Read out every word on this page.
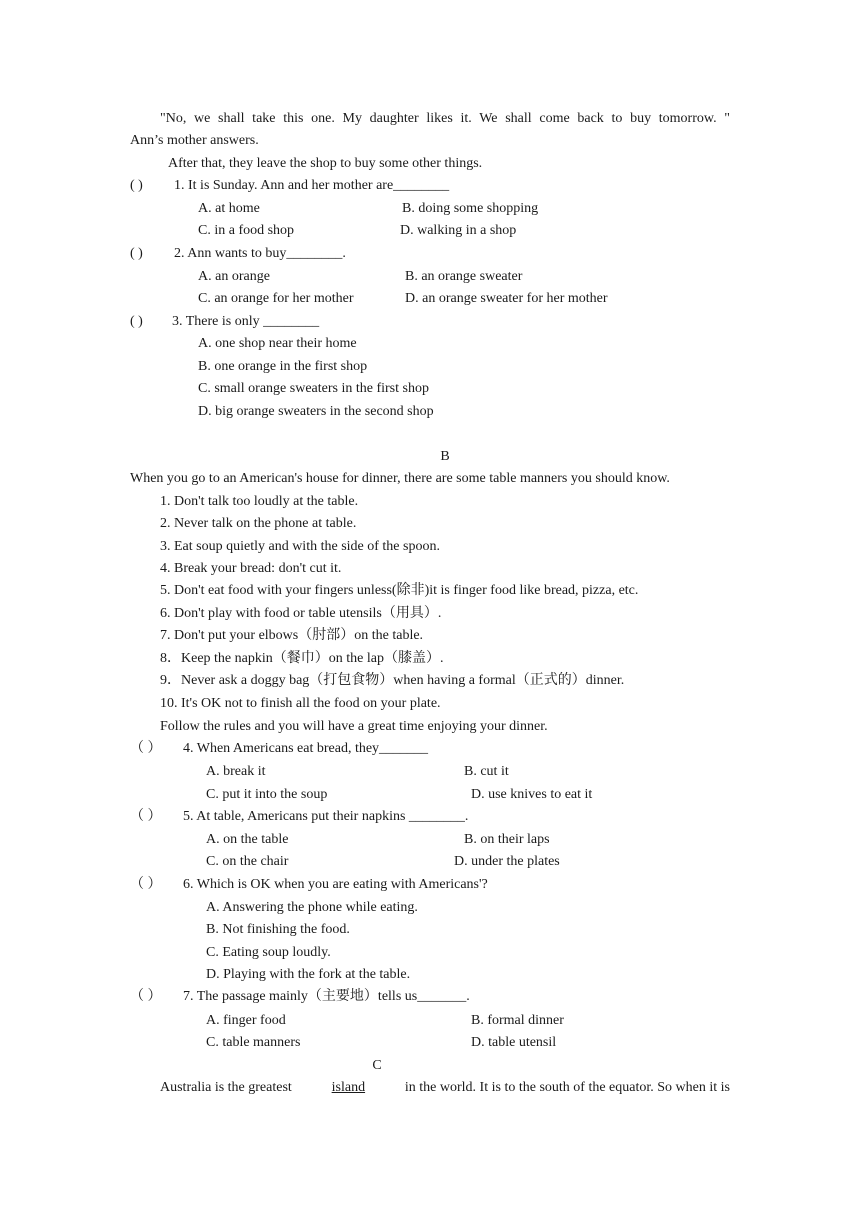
"No, we shall take this one. My daughter likes it. We shall come back to buy tomorrow. "
Ann’s mother answers.
After that, they leave the shop to buy some other things.
( ) 1. It is Sunday. Ann and her mother are________
A. at home	B. doing some shopping
C. in a food shop	D. walking in a shop
( ) 2. Ann wants to buy________.
A. an orange	B. an orange sweater
C. an orange for her mother	D. an orange sweater for her mother
( ) 3. There is only ________
A. one shop near their home
B. one orange in the first shop
C. small orange sweaters in the first shop
D. big orange sweaters in the second shop
B
When you go to an American's house for dinner, there are some table manners you should know.
1. Don't talk too loudly at the table.
2. Never talk on the phone at table.
3. Eat soup quietly and with the side of the spoon.
4. Break your bread: don't cut it.
5. Don't eat food with your fingers unless(除非)it is finger food like bread, pizza, etc.
6. Don't play with food or table utensils（用具）.
7. Don't put your elbows（肘部）on the table.
8．Keep the napkin（餐巾）on the lap（膝盖）.
9．Never ask a doggy bag（打包食物）when having a formal（正式的）dinner.
10. It's OK not to finish all the food on your plate.
Follow the rules and you will have a great time enjoying your dinner.
（ ） 4. When Americans eat bread, they_______
A. break it	B. cut it
C. put it into the soup	D. use knives to eat it
（ ） 5. At table, Americans put their napkins ________.
A. on the table	B. on their laps
C. on the chair	D. under the plates
（ ） 6. Which is OK when you are eating with Americans'?
A. Answering the phone while eating.
B. Not finishing the food.
C. Eating soup loudly.
D. Playing with the fork at the table.
（ ） 7. The passage mainly（主要地）tells us_______.
A. finger food	B. formal dinner
C. table manners	D. table utensil
C
Australia is the greatest	island	in the world. It is to the south of the equator. So when it is
